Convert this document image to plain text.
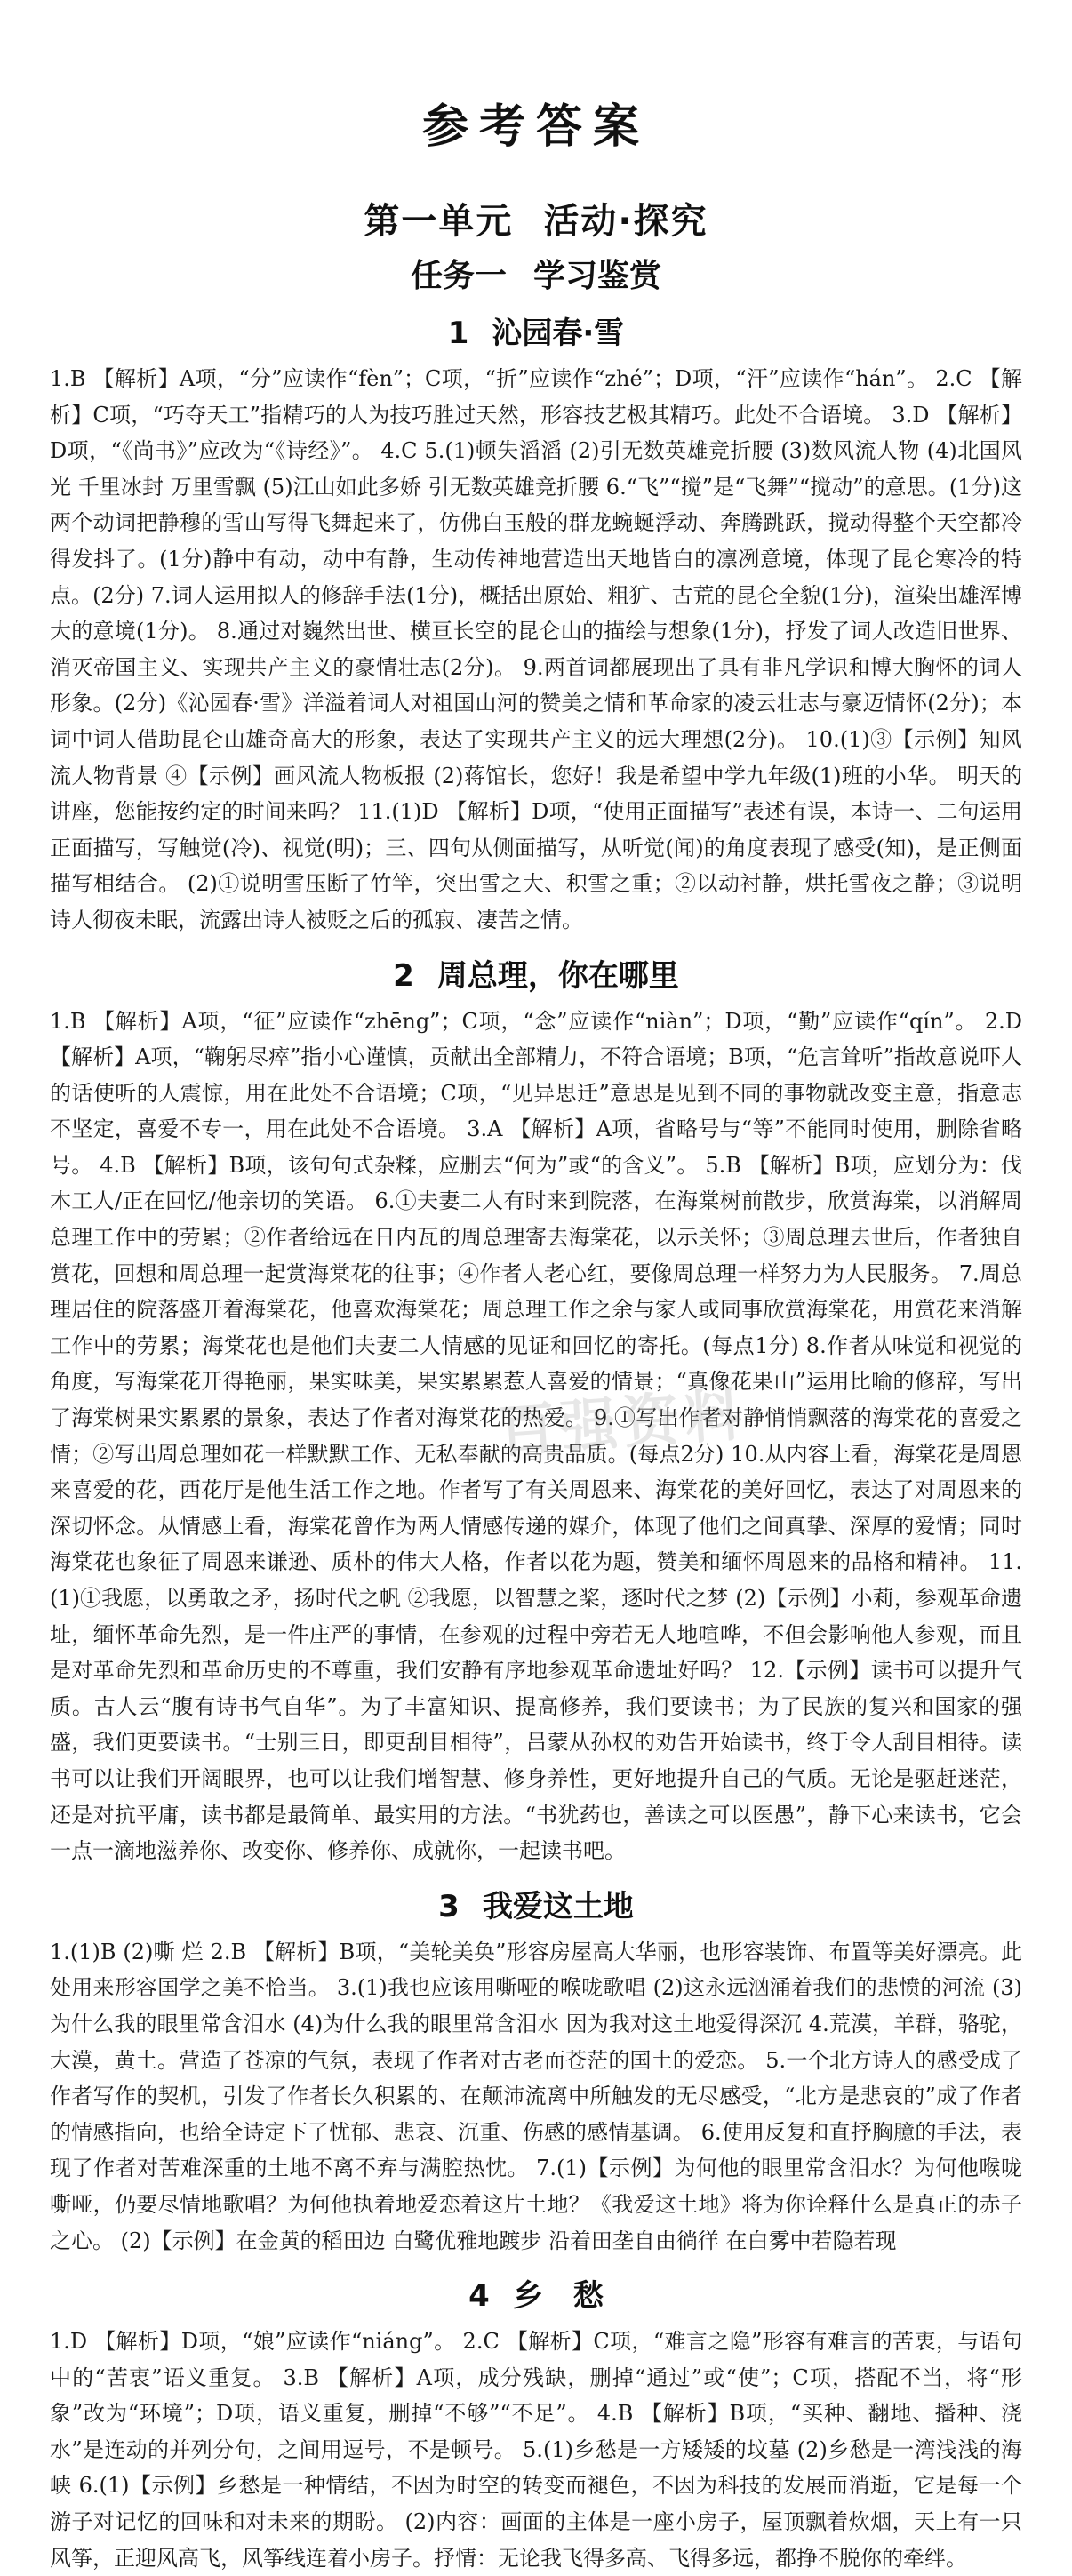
参考答案
第一单元 活动·探究
任务一 学习鉴赏
1 沁园春·雪

1.B 【解析】A项，“分”应读作“fèn”；C项，“折”应读作“zhé”；D项，“汗”应读作“hán”。 2.C 【解析】C项，“巧夺天工”指精巧的人为技巧胜过天然，形容技艺极其精巧。此处不合语境。 3.D 【解析】D项，“《尚书》”应改为“《诗经》”。 4.C 5.(1)顿失滔滔 (2)引无数英雄竞折腰 (3)数风流人物 (4)北国风光 千里冰封 万里雪飘 (5)江山如此多娇 引无数英雄竞折腰 6.“飞”“搅”是“飞舞”“搅动”的意思。(1分)这两个动词把静穆的雪山写得飞舞起来了，仿佛白玉般的群龙蜿蜒浮动、奔腾跳跃，搅动得整个天空都冷得发抖了。(1分)静中有动，动中有静，生动传神地营造出天地皆白的凛冽意境，体现了昆仑寒冷的特点。(2分) 7.词人运用拟人的修辞手法(1分)，概括出原始、粗犷、古荒的昆仑全貌(1分)，渲染出雄浑博大的意境(1分)。 8.通过对巍然出世、横亘长空的昆仑山的描绘与想象(1分)，抒发了词人改造旧世界、消灭帝国主义、实现共产主义的豪情壮志(2分)。 9.两首词都展现出了具有非凡学识和博大胸怀的词人形象。(2分)《沁园春·雪》洋溢着词人对祖国山河的赞美之情和革命家的凌云壮志与豪迈情怀(2分)；本词中词人借助昆仑山雄奇高大的形象，表达了实现共产主义的远大理想(2分)。 10.(1)③【示例】知风流人物背景 ④【示例】画风流人物板报 (2)蒋馆长，您好！我是希望中学九年级(1)班的小华。 明天的讲座，您能按约定的时间来吗？ 11.(1)D 【解析】D项，“使用正面描写”表述有误，本诗一、二句运用正面描写，写触觉(冷)、视觉(明)；三、四句从侧面描写，从听觉(闻)的角度表现了感受(知)，是正侧面描写相结合。 (2)①说明雪压断了竹竿，突出雪之大、积雪之重；②以动衬静，烘托雪夜之静；③说明诗人彻夜未眠，流露出诗人被贬之后的孤寂、凄苦之情。

2 周总理，你在哪里

1.B 【解析】A项，“征”应读作“zhēng”；C项，“念”应读作“niàn”；D项，“勤”应读作“qín”。 2.D 【解析】A项，“鞠躬尽瘁”指小心谨慎，贡献出全部精力，不符合语境；B项，“危言耸听”指故意说吓人的话使听的人震惊，用在此处不合语境；C项，“见异思迁”意思是见到不同的事物就改变主意，指意志不坚定，喜爱不专一，用在此处不合语境。 3.A 【解析】A项，省略号与“等”不能同时使用，删除省略号。 4.B 【解析】B项，该句句式杂糅，应删去“何为”或“的含义”。 5.B 【解析】B项，应划分为：伐木工人/正在回忆/他亲切的笑语。 6.①夫妻二人有时来到院落，在海棠树前散步，欣赏海棠，以消解周总理工作中的劳累；②作者给远在日内瓦的周总理寄去海棠花，以示关怀；③周总理去世后，作者独自赏花，回想和周总理一起赏海棠花的往事；④作者人老心红，要像周总理一样努力为人民服务。 7.周总理居住的院落盛开着海棠花，他喜欢海棠花；周总理工作之余与家人或同事欣赏海棠花，用赏花来消解工作中的劳累；海棠花也是他们夫妻二人情感的见证和回忆的寄托。(每点1分) 8.作者从味觉和视觉的角度，写海棠花开得艳丽，果实味美，果实累累惹人喜爱的情景；“真像花果山”运用比喻的修辞，写出了海棠树果实累累的景象，表达了作者对海棠花的热爱。 9.①写出作者对静悄悄飘落的海棠花的喜爱之情；②写出周总理如花一样默默工作、无私奉献的高贵品质。(每点2分) 10.从内容上看，海棠花是周恩来喜爱的花，西花厅是他生活工作之地。作者写了有关周恩来、海棠花的美好回忆，表达了对周恩来的深切怀念。从情感上看，海棠花曾作为两人情感传递的媒介，体现了他们之间真挚、深厚的爱情；同时海棠花也象征了周恩来谦逊、质朴的伟大人格，作者以花为题，赞美和缅怀周恩来的品格和精神。 11.(1)①我愿，以勇敢之矛，扬时代之帆 ②我愿，以智慧之桨，逐时代之梦 (2)【示例】小莉，参观革命遗址，缅怀革命先烈，是一件庄严的事情，在参观的过程中旁若无人地喧哗，不但会影响他人参观，而且是对革命先烈和革命历史的不尊重，我们安静有序地参观革命遗址好吗？ 12.【示例】读书可以提升气质。古人云“腹有诗书气自华”。为了丰富知识、提高修养，我们要读书；为了民族的复兴和国家的强盛，我们更要读书。“士别三日，即更刮目相待”，吕蒙从孙权的劝告开始读书，终于令人刮目相待。读书可以让我们开阔眼界，也可以让我们增智慧、修身养性，更好地提升自己的气质。无论是驱赶迷茫，还是对抗平庸，读书都是最简单、最实用的方法。“书犹药也，善读之可以医愚”，静下心来读书，它会一点一滴地滋养你、改变你、修养你、成就你，一起读书吧。

3 我爱这土地

1.(1)B (2)嘶 烂 2.B 【解析】B项，“美轮美奂”形容房屋高大华丽，也形容装饰、布置等美好漂亮。此处用来形容国学之美不恰当。 3.(1)我也应该用嘶哑的喉咙歌唱 (2)这永远汹涌着我们的悲愤的河流 (3)为什么我的眼里常含泪水 (4)为什么我的眼里常含泪水 因为我对这土地爱得深沉 4.荒漠，羊群，骆驼，大漠，黄土。营造了苍凉的气氛，表现了作者对古老而苍茫的国土的爱恋。 5.一个北方诗人的感受成了作者写作的契机，引发了作者长久积累的、在颠沛流离中所触发的无尽感受，“北方是悲哀的”成了作者的情感指向，也给全诗定下了忧郁、悲哀、沉重、伤感的感情基调。 6.使用反复和直抒胸臆的手法，表现了作者对苦难深重的土地不离不弃与满腔热忱。 7.(1)【示例】为何他的眼里常含泪水？为何他喉咙嘶哑，仍要尽情地歌唱？为何他执着地爱恋着这片土地？《我爱这土地》将为你诠释什么是真正的赤子之心。 (2)【示例】在金黄的稻田边 白鹭优雅地踱步 沿着田垄自由徜徉 在白雾中若隐若现

4 乡　愁

1.D 【解析】D项，“娘”应读作“niáng”。 2.C 【解析】C项，“难言之隐”形容有难言的苦衷，与语句中的“苦衷”语义重复。 3.B 【解析】A项，成分残缺，删掉“通过”或“使”；C项，搭配不当，将“形象”改为“环境”；D项，语义重复，删掉“不够”“不足”。 4.B 【解析】B项，“买种、翻地、播种、浇水”是连动的并列分句，之间用逗号，不是顿号。 5.(1)乡愁是一方矮矮的坟墓 (2)乡愁是一湾浅浅的海峡 6.(1)【示例】乡愁是一种情结，不因为时空的转变而褪色，不因为科技的发展而消逝，它是每一个游子对记忆的回味和对未来的期盼。 (2)内容：画面的主体是一座小房子，屋顶飘着炊烟，天上有一只风筝，正迎风高飞，风筝线连着小房子。抒情：无论我飞得多高、飞得多远，都挣不脱你的牵绊。

百强资料
